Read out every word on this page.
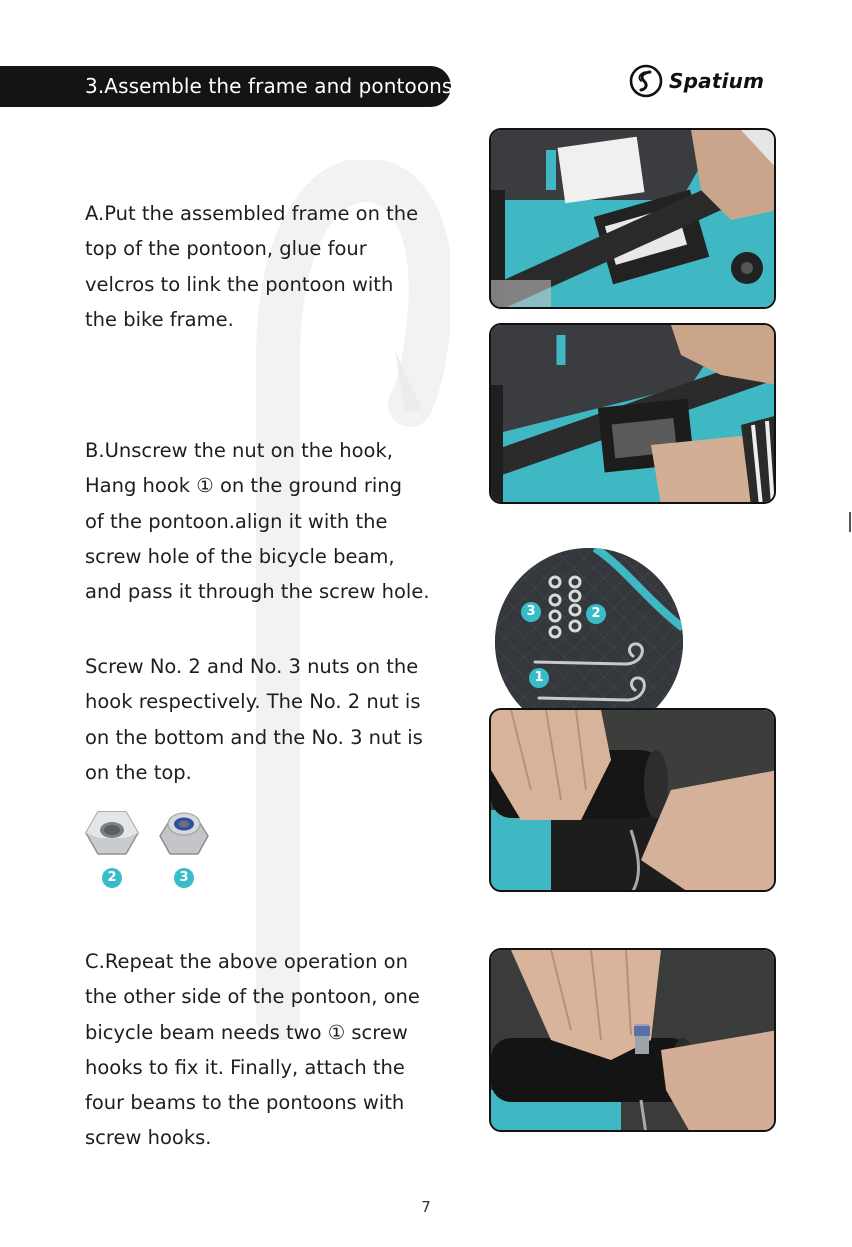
3.Assemble the frame and pontoons	Spatium
A.Put the assembled frame on the
top of the pontoon, glue four
velcros to link the pontoon with
the bike frame.
B.Unscrew the nut on the hook,
Hang hook ① on the ground ring
of the pontoon.align it with the
screw hole of the bicycle beam,
and pass it through the screw hole.
Screw No. 2 and No. 3 nuts on the
hook respectively. The No. 2 nut is
on the bottom and the No. 3 nut is
on the top.
C.Repeat the above operation on
the other side of the pontoon, one
bicycle beam needs two ① screw
hooks to fix it. Finally, attach the
four beams to the pontoons with
screw hooks.
2	3
3	2
1
7
